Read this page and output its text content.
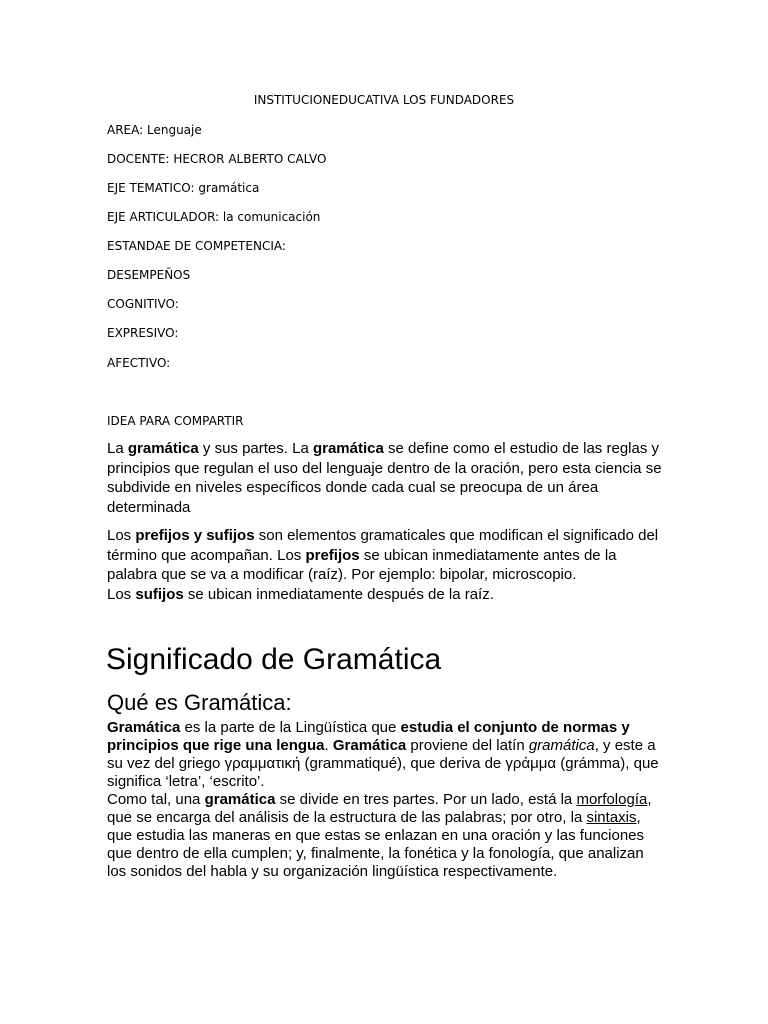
INSTITUCIONEDUCATIVA LOS FUNDADORES
AREA: Lenguaje
DOCENTE: HECROR ALBERTO CALVO
EJE TEMATICO: gramática
EJE ARTICULADOR: la comunicación
ESTANDAE DE COMPETENCIA:
DESEMPEÑOS
COGNITIVO:
EXPRESIVO:
AFECTIVO:
IDEA PARA COMPARTIR

La gramática y sus partes. La gramática se define como el estudio de las reglas y principios que regulan el uso del lenguaje dentro de la oración, pero esta ciencia se subdivide en niveles específicos donde cada cual se preocupa de un área determinada

Los prefijos y sufijos son elementos gramaticales que modifican el significado del término que acompañan. Los prefijos se ubican inmediatamente antes de la palabra que se va a modificar (raíz). Por ejemplo: bipolar, microscopio.
Los sufijos se ubican inmediatamente después de la raíz.

Significado de Gramática
Qué es Gramática:

Gramática es la parte de la Lingüística que estudia el conjunto de normas y principios que rige una lengua. Gramática proviene del latín gramática, y este a su vez del griego γραμματική (grammatiqué), que deriva de γράμμα (grámma), que significa ‘letra’, ‘escrito’.
Como tal, una gramática se divide en tres partes. Por un lado, está la morfología, que se encarga del análisis de la estructura de las palabras; por otro, la sintaxis, que estudia las maneras en que estas se enlazan en una oración y las funciones que dentro de ella cumplen; y, finalmente, la fonética y la fonología, que analizan los sonidos del habla y su organización lingüística respectivamente.
